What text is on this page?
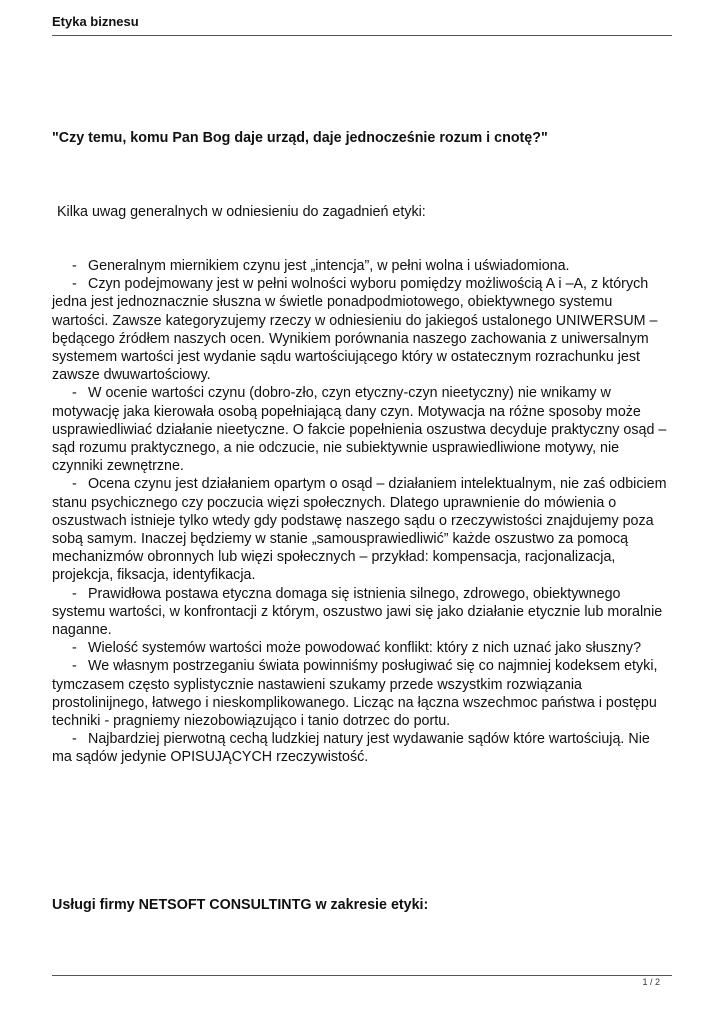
Etyka biznesu
"Czy temu, komu Pan Bog daje urząd, daje jednocześnie rozum i cnotę?"
Kilka uwag generalnych w odniesieniu do zagadnień etyki:

- Generalnym miernikiem czynu jest „intencja”, w pełni wolna i uświadomiona.

- Czyn podejmowany jest w pełni wolności wyboru pomiędzy możliwością A i –A, z których jedna jest jednoznacznie słuszna w świetle ponadpodmiotowego, obiektywnego systemu wartości. Zawsze kategoryzujemy rzeczy w odniesieniu do jakiegoś ustalonego UNIWERSUM – będącego źródłem naszych ocen. Wynikiem porównania naszego zachowania z uniwersalnym systemem wartości jest wydanie sądu wartościującego który w ostatecznym rozrachunku jest zawsze dwuwartościowy.

- W ocenie wartości czynu (dobro-zło, czyn etyczny-czyn nieetyczny) nie wnikamy w motywację jaka kierowała osobą popełniającą dany czyn. Motywacja na różne sposoby może usprawiedliwiać działanie nieetyczne. O fakcie popełnienia oszustwa decyduje praktyczny osąd – sąd rozumu praktycznego, a nie odczucie, nie subiektywnie usprawiedliwione motywy, nie czynniki zewnętrzne.

- Ocena czynu jest działaniem opartym o osąd – działaniem intelektualnym, nie zaś odbiciem stanu psychicznego czy poczucia więzi społecznych. Dlatego uprawnienie do mówienia o oszustwach istnieje tylko wtedy gdy podstawę naszego sądu o rzeczywistości znajdujemy poza sobą samym. Inaczej będziemy w stanie „samousprawiedliwić” każde oszustwo za pomocą mechanizmów obronnych lub więzi społecznych – przykład: kompensacja, racjonalizacja, projekcja, fiksacja, identyfikacja.

- Prawidłowa postawa etyczna domaga się istnienia silnego, zdrowego, obiektywnego systemu wartości, w konfrontacji z którym, oszustwo jawi się jako działanie etycznie lub moralnie naganne.

- Wielość systemów wartości może powodować konflikt: który z nich uznać jako słuszny?

- We własnym postrzeganiu świata powinniśmy posługiwać się co najmniej kodeksem etyki, tymczasem często syplistycznie nastawieni szukamy przede wszystkim rozwiązania prostolinijnego, łatwego i nieskomplikowanego. Licząc na łączna wszechmoc państwa i postępu techniki - pragniemy niezobowiązująco i tanio dotrzec do portu.

- Najbardziej pierwotną cechą ludzkiej natury jest wydawanie sądów które wartościują. Nie ma sądów jedynie OPISUJĄCYCH rzeczywistość.

Usługi firmy NETSOFT CONSULTINTG w zakresie etyki:
1 / 2
